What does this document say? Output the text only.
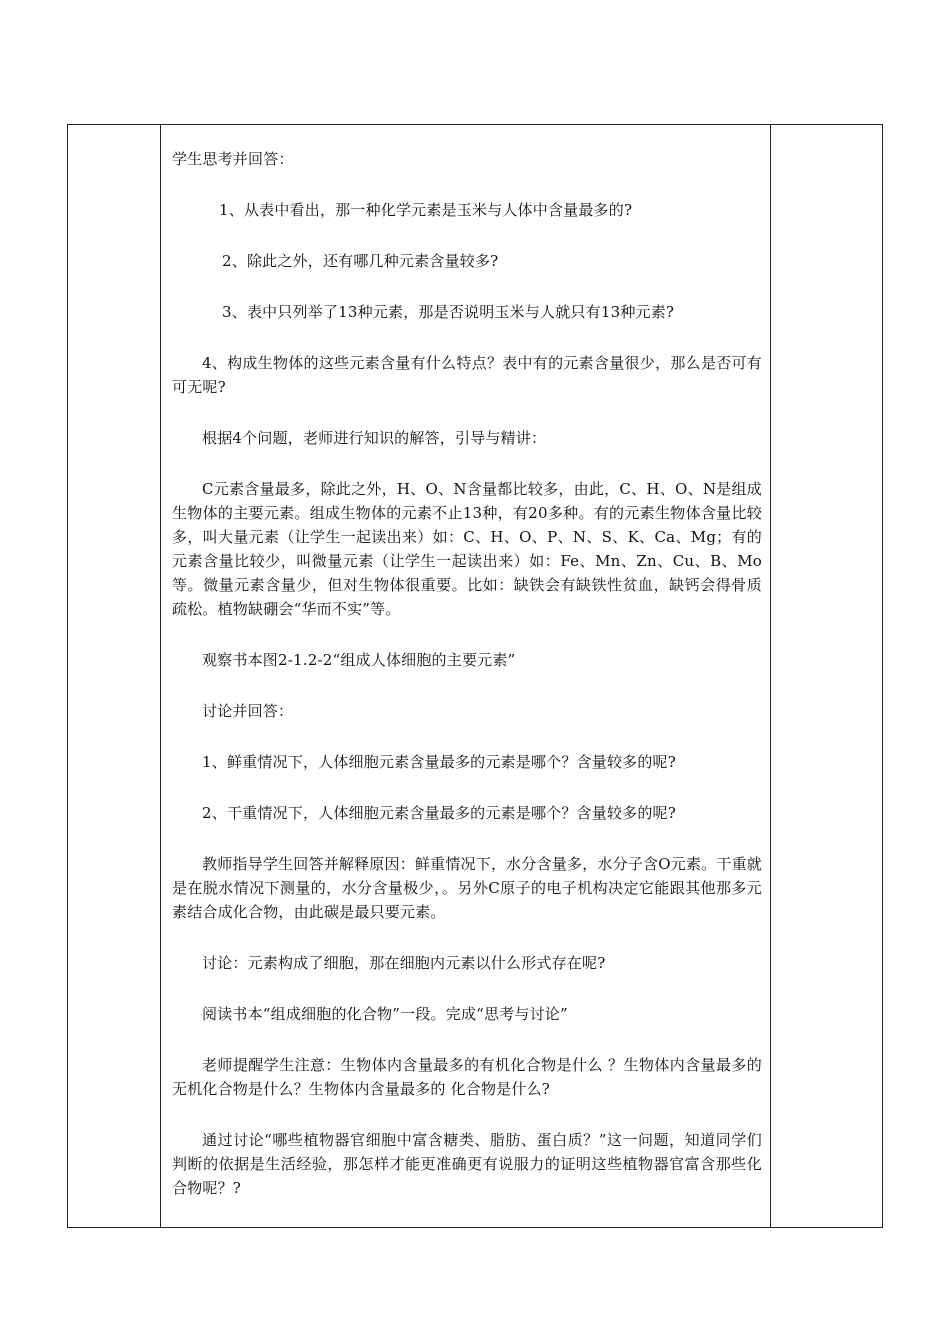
学生思考并回答：

1、从表中看出，那一种化学元素是玉米与人体中含量最多的?

2、除此之外，还有哪几种元素含量较多?

3、表中只列举了13种元素，那是否说明玉米与人就只有13种元素?

4、构成生物体的这些元素含量有什么特点？表中有的元素含量很少，那么是否可有可无呢?

根据4个问题，老师进行知识的解答，引导与精讲：

C元素含量最多，除此之外，H、O、N含量都比较多，由此，C、H、O、N是组成生物体的主要元素。组成生物体的元素不止13种，有20多种。有的元素生物体含量比较多，叫大量元素（让学生一起读出来）如：C、H、O、P、N、S、K、Ca、Mg；有的元素含量比较少，叫微量元素（让学生一起读出来）如：Fe、Mn、Zn、Cu、B、Mo等。微量元素含量少，但对生物体很重要。比如：缺铁会有缺铁性贫血，缺钙会得骨质疏松。植物缺硼会“华而不实”等。

观察书本图2-1.2-2“组成人体细胞的主要元素”

讨论并回答：

1、鲜重情况下，人体细胞元素含量最多的元素是哪个？含量较多的呢?

2、干重情况下，人体细胞元素含量最多的元素是哪个？含量较多的呢?

教师指导学生回答并解释原因：鲜重情况下，水分含量多，水分子含O元素。干重就是在脱水情况下测量的，水分含量极少，。另外C原子的电子机构决定它能跟其他那多元素结合成化合物，由此碳是最只要元素。

讨论：元素构成了细胞，那在细胞内元素以什么形式存在呢?

阅读书本“组成细胞的化合物”一段。完成“思考与讨论”

老师提醒学生注意：生物体内含量最多的有机化合物是什么 ？生物体内含量最多的无机化合物是什么？生物体内含量最多的 化合物是什么?

通过讨论“哪些植物器官细胞中富含糖类、脂肪、蛋白质？”这一问题，知道同学们判断的依据是生活经验，那怎样才能更准确更有说服力的证明这些植物器官富含那些化合物呢？?
